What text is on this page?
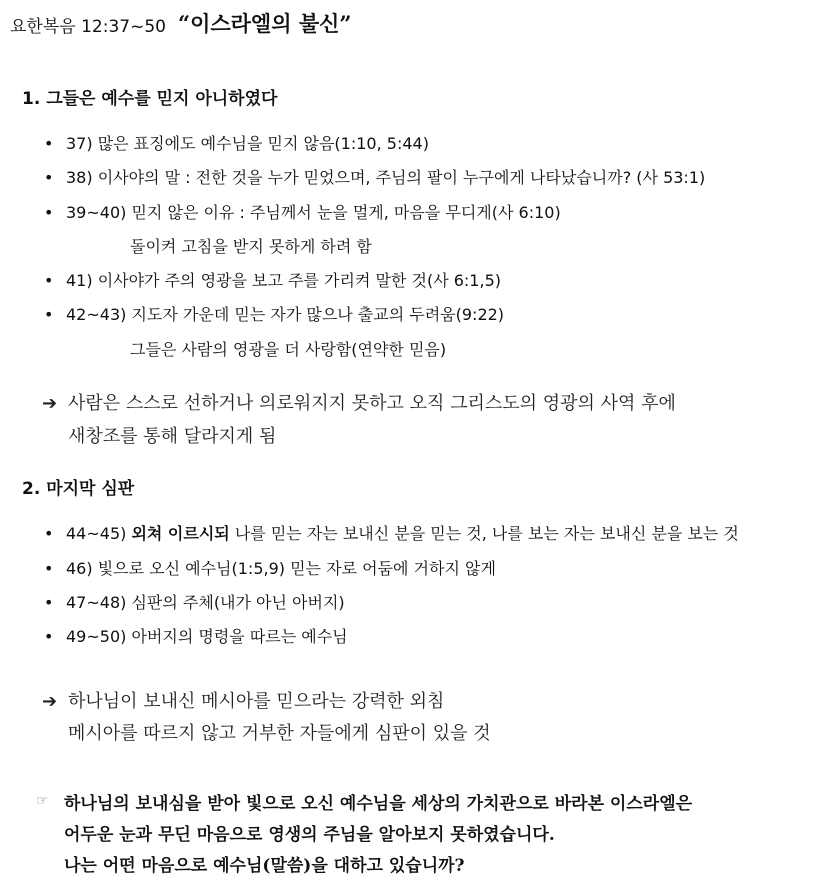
요한복음 12:37~50 “이스라엘의 불신”
1. 그들은 예수를 믿지 아니하였다
• 37) 많은 표징에도 예수님을 믿지 않음(1:10, 5:44)
• 38) 이사야의 말 : 전한 것을 누가 믿었으며, 주님의 팔이 누구에게 나타났습니까? (사 53:1)
• 39~40) 믿지 않은 이유 : 주님께서 눈을 멀게, 마음을 무디게(사 6:10)
돌이켜 고침을 받지 못하게 하려 함
• 41) 이사야가 주의 영광을 보고 주를 가리켜 말한 것(사 6:1,5)
• 42~43) 지도자 가운데 믿는 자가 많으나 출교의 두려움(9:22)
그들은 사람의 영광을 더 사랑함(연약한 믿음)
➔ 사람은 스스로 선하거나 의로워지지 못하고 오직 그리스도의 영광의 사역 후에
새창조를 통해 달라지게 됨
2. 마지막 심판
• 44~45) 외쳐 이르시되 나를 믿는 자는 보내신 분을 믿는 것, 나를 보는 자는 보내신 분을 보는 것
• 46) 빛으로 오신 예수님(1:5,9) 믿는 자로 어둠에 거하지 않게
• 47~48) 심판의 주체(내가 아닌 아버지)
• 49~50) 아버지의 명령을 따르는 예수님
➔ 하나님이 보내신 메시아를 믿으라는 강력한 외침
메시아를 따르지 않고 거부한 자들에게 심판이 있을 것
☞ 하나님의 보내심을 받아 빛으로 오신 예수님을 세상의 가치관으로 바라본 이스라엘은
어두운 눈과 무딘 마음으로 영생의 주님을 알아보지 못하였습니다.
나는 어떤 마음으로 예수님(말씀)을 대하고 있습니까?
